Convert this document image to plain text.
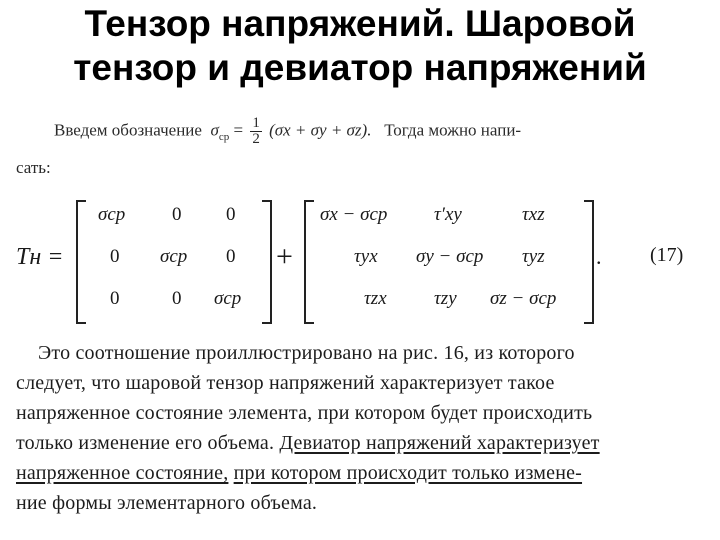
Тензор напряжений. Шаровой
тензор и девиатор напряжений
Введем обозначение $\sigma_{ср} = \frac{1}{2} (\sigma x + \sigma y + \sigma z)$. Тогда можно напи-
сать:
Tн =
σср 0 0
0 σср 0
0	0 σср
+
σx − σср τ′xy	τxz
τyx σy − σср τyz
τzx τzy σz − σср
. (17)
Это соотношение проиллюстрировано на рис. 16, из которого
следует, что шаровой тензор напряжений характеризует такое
напряженное состояние элемента, при котором будет происходить
только изменение его объема. Девиатор напряжений характеризует
напряженное состояние, при котором происходит только измене-
ние формы элементарного объема.
